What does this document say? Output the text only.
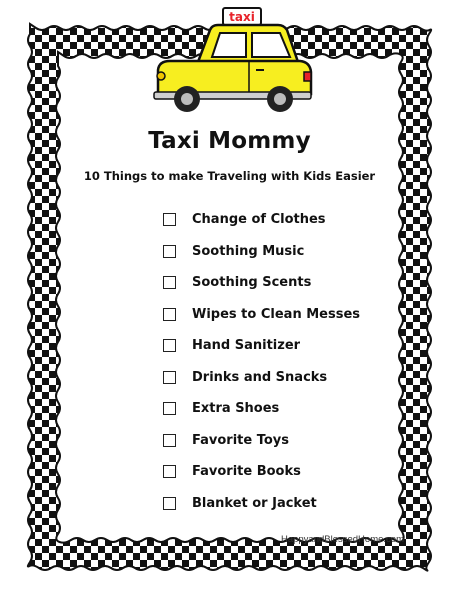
taxi
Taxi Mommy

10 Things to make Traveling with Kids Easier

Change of Clothes
Soothing Music
Soothing Scents
Wipes to Clean Messes
Hand Sanitizer
Drinks and Snacks
Extra Shoes
Favorite Toys
Favorite Books
Blanket or Jacket
HappyandBlessedHome.com
